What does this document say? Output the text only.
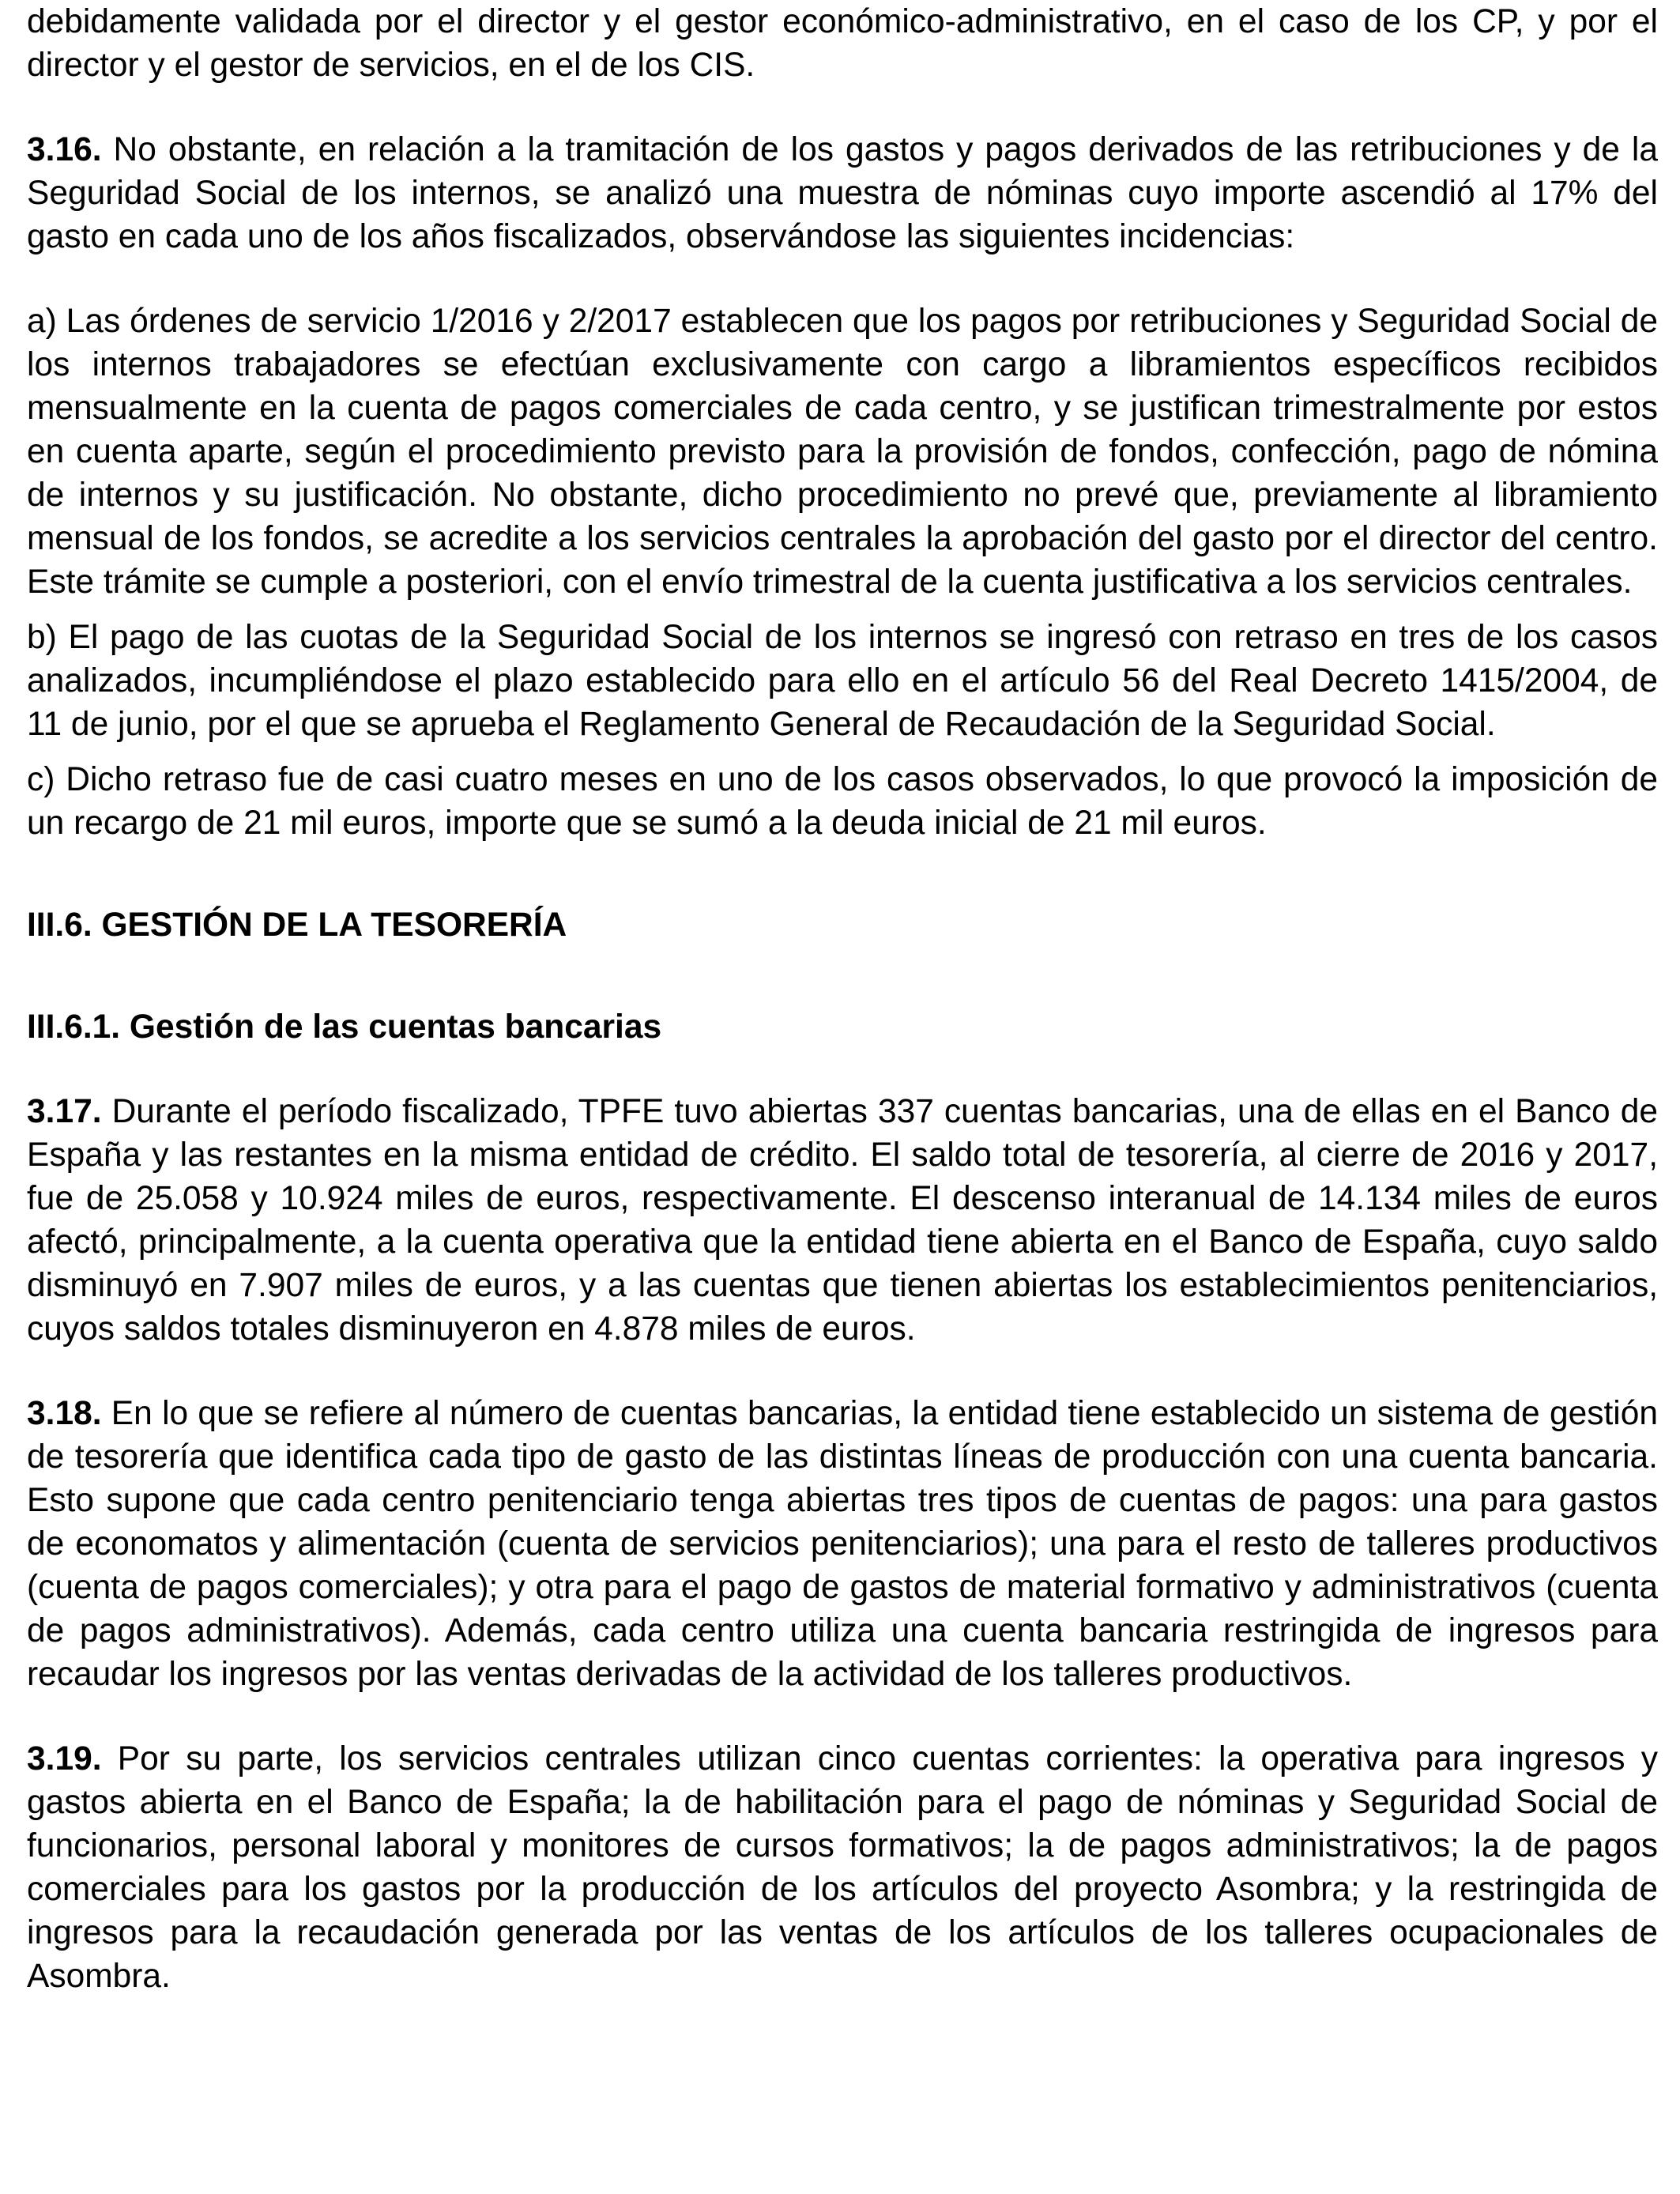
debidamente validada por el director y el gestor económico-administrativo, en el caso de los CP, y por el director y el gestor de servicios, en el de los CIS.

3.16. No obstante, en relación a la tramitación de los gastos y pagos derivados de las retribuciones y de la Seguridad Social de los internos, se analizó una muestra de nóminas cuyo importe ascendió al 17% del gasto en cada uno de los años fiscalizados, observándose las siguientes incidencias:

a) Las órdenes de servicio 1/2016 y 2/2017 establecen que los pagos por retribuciones y Seguridad Social de los internos trabajadores se efectúan exclusivamente con cargo a libramientos específicos recibidos mensualmente en la cuenta de pagos comerciales de cada centro, y se justifican trimestralmente por estos en cuenta aparte, según el procedimiento previsto para la provisión de fondos, confección, pago de nómina de internos y su justificación. No obstante, dicho procedimiento no prevé que, previamente al libramiento mensual de los fondos, se acredite a los servicios centrales la aprobación del gasto por el director del centro. Este trámite se cumple a posteriori, con el envío trimestral de la cuenta justificativa a los servicios centrales.

b) El pago de las cuotas de la Seguridad Social de los internos se ingresó con retraso en tres de los casos analizados, incumpliéndose el plazo establecido para ello en el artículo 56 del Real Decreto 1415/2004, de 11 de junio, por el que se aprueba el Reglamento General de Recaudación de la Seguridad Social.

c) Dicho retraso fue de casi cuatro meses en uno de los casos observados, lo que provocó la imposición de un recargo de 21 mil euros, importe que se sumó a la deuda inicial de 21 mil euros.

III.6. GESTIÓN DE LA TESORERÍA
III.6.1. Gestión de las cuentas bancarias

3.17. Durante el período fiscalizado, TPFE tuvo abiertas 337 cuentas bancarias, una de ellas en el Banco de España y las restantes en la misma entidad de crédito. El saldo total de tesorería, al cierre de 2016 y 2017, fue de 25.058 y 10.924 miles de euros, respectivamente. El descenso interanual de 14.134 miles de euros afectó, principalmente, a la cuenta operativa que la entidad tiene abierta en el Banco de España, cuyo saldo disminuyó en 7.907 miles de euros, y a las cuentas que tienen abiertas los establecimientos penitenciarios, cuyos saldos totales disminuyeron en 4.878 miles de euros.

3.18. En lo que se refiere al número de cuentas bancarias, la entidad tiene establecido un sistema de gestión de tesorería que identifica cada tipo de gasto de las distintas líneas de producción con una cuenta bancaria. Esto supone que cada centro penitenciario tenga abiertas tres tipos de cuentas de pagos: una para gastos de economatos y alimentación (cuenta de servicios penitenciarios); una para el resto de talleres productivos (cuenta de pagos comerciales); y otra para el pago de gastos de material formativo y administrativos (cuenta de pagos administrativos). Además, cada centro utiliza una cuenta bancaria restringida de ingresos para recaudar los ingresos por las ventas derivadas de la actividad de los talleres productivos.

3.19. Por su parte, los servicios centrales utilizan cinco cuentas corrientes: la operativa para ingresos y gastos abierta en el Banco de España; la de habilitación para el pago de nóminas y Seguridad Social de funcionarios, personal laboral y monitores de cursos formativos; la de pagos administrativos; la de pagos comerciales para los gastos por la producción de los artículos del proyecto Asombra; y la restringida de ingresos para la recaudación generada por las ventas de los artículos de los talleres ocupacionales de Asombra.
